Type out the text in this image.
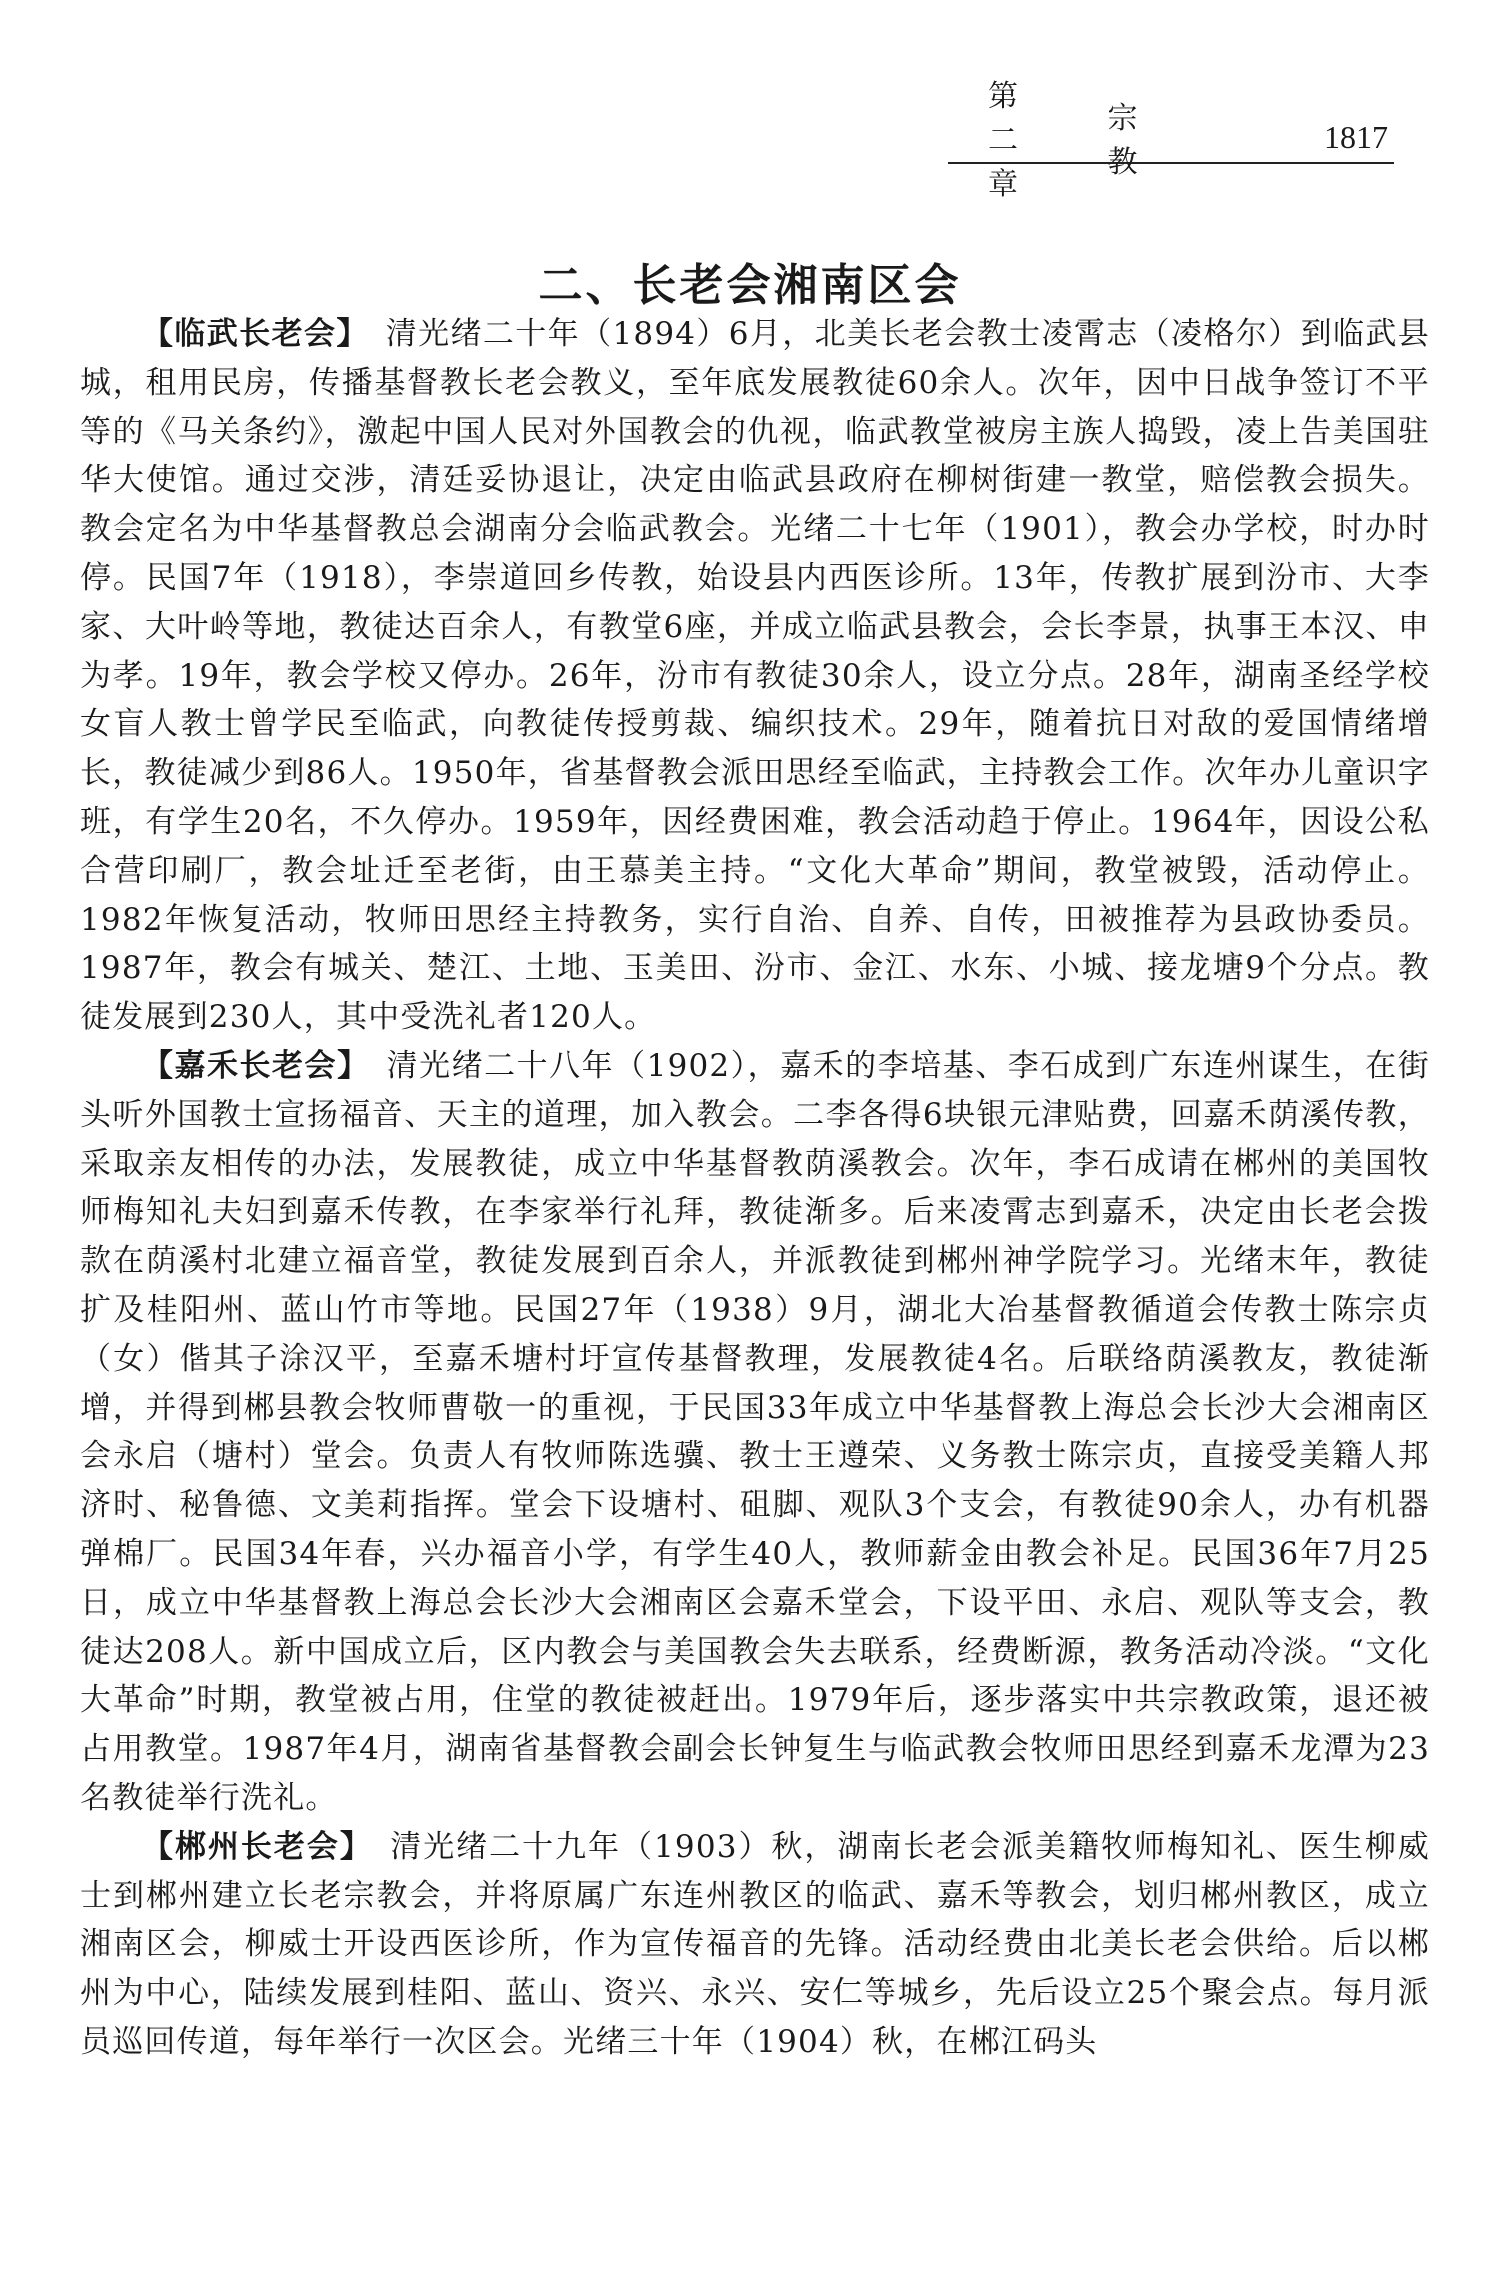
第二章
宗 教
1817
二、长老会湘南区会

【临武长老会】　 清光绪二十年（1894）6月，北美长老会教士凌霄志（凌格尔）到临武县城，租用民房，传播基督教长老会教义，至年底发展教徒60余人。次年，因中日战争签订不平等的《马关条约》，激起中国人民对外国教会的仇视，临武教堂被房主族人捣毁，凌上告美国驻华大使馆。通过交涉，清廷妥协退让，决定由临武县政府在柳树街建一教堂，赔偿教会损失。教会定名为中华基督教总会湖南分会临武教会。光绪二十七年（1901），教会办学校，时办时停。民国7年（1918），李崇道回乡传教，始设县内西医诊所。13年，传教扩展到汾市、大李家、大叶岭等地，教徒达百余人，有教堂6座，并成立临武县教会，会长李景，执事王本汉、申为孝。19年，教会学校又停办。26年，汾市有教徒30余人，设立分点。28年，湖南圣经学校女盲人教士曾学民至临武，向教徒传授剪裁、编织技术。29年，随着抗日对敌的爱国情绪增长，教徒减少到86人。1950年，省基督教会派田思经至临武，主持教会工作。次年办儿童识字班，有学生20名，不久停办。1959年，因经费困难，教会活动趋于停止。1964年，因设公私合营印刷厂，教会址迁至老街，由王慕美主持。“文化大革命”期间，教堂被毁，活动停止。1982年恢复活动，牧师田思经主持教务，实行自治、自养、自传，田被推荐为县政协委员。1987年，教会有城关、楚江、土地、玉美田、汾市、金江、水东、小城、接龙塘9个分点。教徒发展到230人，其中受洗礼者120人。

【嘉禾长老会】　 清光绪二十八年（1902），嘉禾的李培基、李石成到广东连州谋生，在街头听外国教士宣扬福音、天主的道理，加入教会。二李各得6块银元津贴费，回嘉禾荫溪传教，采取亲友相传的办法，发展教徒，成立中华基督教荫溪教会。次年，李石成请在郴州的美国牧师梅知礼夫妇到嘉禾传教，在李家举行礼拜，教徒渐多。后来凌霄志到嘉禾，决定由长老会拨款在荫溪村北建立福音堂，教徒发展到百余人，并派教徒到郴州神学院学习。光绪末年，教徒扩及桂阳州、蓝山竹市等地。民国27年（1938）9月，湖北大冶基督教循道会传教士陈宗贞（女）偕其子涂汉平，至嘉禾塘村圩宣传基督教理，发展教徒4名。后联络荫溪教友，教徒渐增，并得到郴县教会牧师曹敬一的重视，于民国33年成立中华基督教上海总会长沙大会湘南区会永启（塘村）堂会。负责人有牧师陈选骥、教士王遵荣、义务教士陈宗贞，直接受美籍人邦济时、秘鲁德、文美莉指挥。堂会下设塘村、砠脚、观队3个支会，有教徒90余人，办有机器弹棉厂。民国34年春，兴办福音小学，有学生40人，教师薪金由教会补足。民国36年7月25日，成立中华基督教上海总会长沙大会湘南区会嘉禾堂会，下设平田、永启、观队等支会，教徒达208人。新中国成立后，区内教会与美国教会失去联系，经费断源，教务活动冷淡。“文化大革命”时期，教堂被占用，住堂的教徒被赶出。1979年后，逐步落实中共宗教政策，退还被占用教堂。1987年4月，湖南省基督教会副会长钟复生与临武教会牧师田思经到嘉禾龙潭为23名教徒举行洗礼。

【郴州长老会】　 清光绪二十九年（1903）秋，湖南长老会派美籍牧师梅知礼、医生柳威士到郴州建立长老宗教会，并将原属广东连州教区的临武、嘉禾等教会，划归郴州教区，成立湘南区会，柳威士开设西医诊所，作为宣传福音的先锋。活动经费由北美长老会供给。后以郴州为中心，陆续发展到桂阳、蓝山、资兴、永兴、安仁等城乡，先后设立25个聚会点。每月派员巡回传道，每年举行一次区会。光绪三十年（1904）秋，在郴江码头
